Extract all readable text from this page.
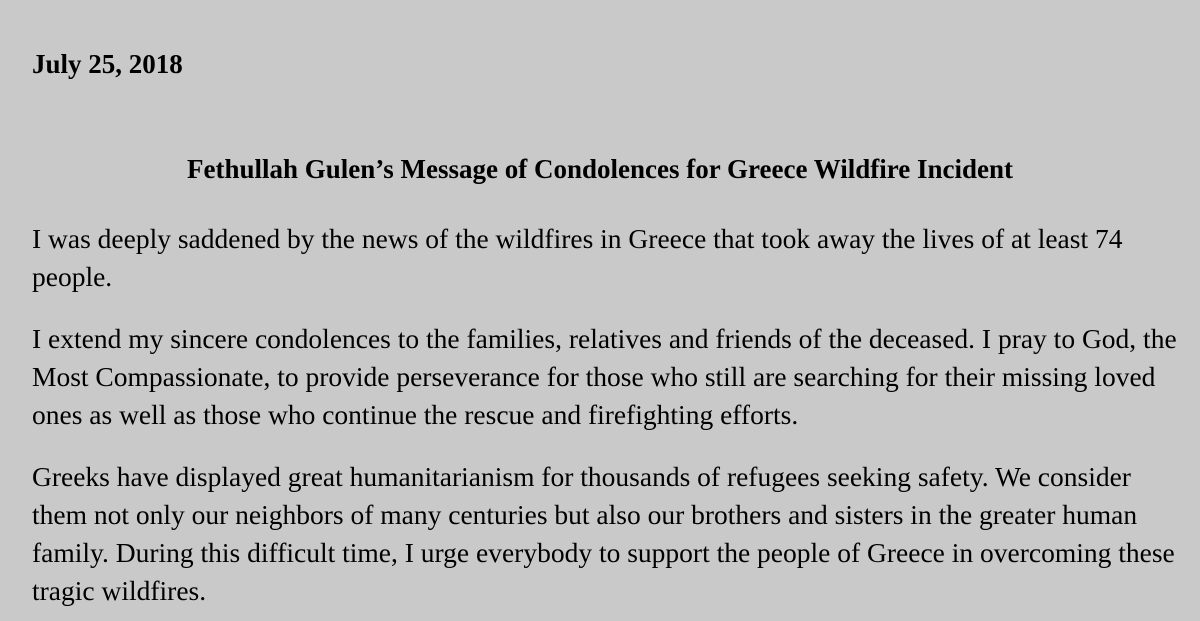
July 25, 2018

Fethullah Gulen’s Message of Condolences for Greece Wildfire Incident

I was deeply saddened by the news of the wildfires in Greece that took away the lives of at least 74 people.

I extend my sincere condolences to the families, relatives and friends of the deceased. I pray to God, the Most Compassionate, to provide perseverance for those who still are searching for their missing loved ones as well as those who continue the rescue and firefighting efforts.

Greeks have displayed great humanitarianism for thousands of refugees seeking safety. We consider them not only our neighbors of many centuries but also our brothers and sisters in the greater human family. During this difficult time, I urge everybody to support the people of Greece in overcoming these tragic wildfires.
